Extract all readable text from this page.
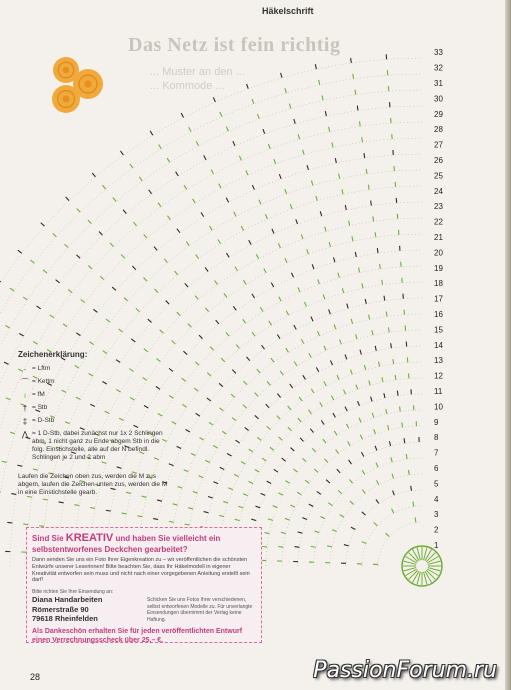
Das Netz ist fein richtig
... Muster an den ...
... Kommode ...
1
2
3
4
5
6
7
8
9
10
11
12
13
14
15
16
17
18
19
20
21
22
23
24
25
26
27
28
29
30
31
32
33
Häkelschrift
Zeichenerklärung:
· = Lftm
⌒ = Kettm
ı = fM
† = Stb
‡ = D-Stb
⋀ = 1 D-Stb, dabei zunächst nur 1x 2 Schlingen abm, 1 nicht ganz zu Ende abgem Stb in die folg. Einstichstelle, alle auf der N befindl. Schlingen je 2 und 2 abm
Laufen die Zeichen oben zus, werden die M zus abgem, laufen die Zeichen unten zus, werden die M in eine Einstichstelle gearb.
Sind Sie KREATIV und haben Sie vielleicht ein selbstentworfenes Deckchen gearbeitet?
Dann senden Sie uns ein Foto Ihrer Eigenkreation zu – wir veröffentlichen die schönsten Entwürfe unserer Leserinnen! Bitte beachten Sie, dass Ihr Häkelmodell in eigener Kreativität entworfen sein muss und nicht nach einer vorgegebenen Anleitung erstellt sein darf!
Bitte richten Sie Ihre Einsendung an:
Diana Handarbeiten
Römerstraße 90
79618 Rheinfelden
Schicken Sie uns Fotos Ihrer verschiedenen, selbst entworfenen Modelle zu. Für unverlangte Einsendungen übernimmt der Verlag keine Haftung.
Als Dankeschön erhalten Sie für jeden veröffentlichten Entwurf einen Verrechnungsscheck über 25,– €.
28	PassionForum.ru
